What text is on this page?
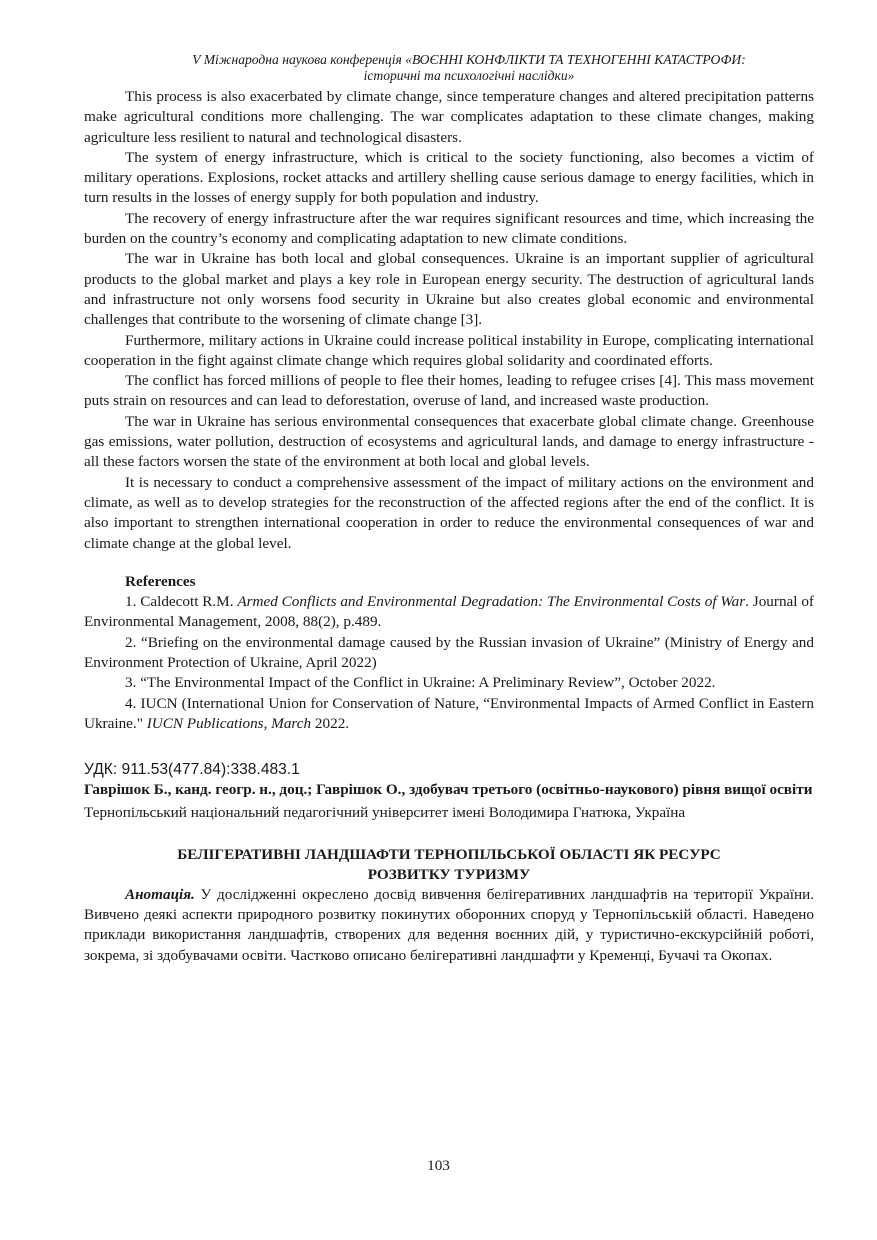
V Міжнародна наукова конференція «ВОЄННІ КОНФЛІКТИ ТА ТЕХНОГЕННІ КАТАСТРОФИ:
історичні та психологічні наслідки»

This process is also exacerbated by climate change, since temperature changes and altered precipitation patterns make agricultural conditions more challenging. The war complicates adaptation to these climate changes, making agriculture less resilient to natural and technological disasters.

The system of energy infrastructure, which is critical to the society functioning, also becomes a victim of military operations. Explosions, rocket attacks and artillery shelling cause serious damage to energy facilities, which in turn results in the losses of energy supply for both population and industry.

The recovery of energy infrastructure after the war requires significant resources and time, which increasing the burden on the country’s economy and complicating adaptation to new climate conditions.

The war in Ukraine has both local and global consequences. Ukraine is an important supplier of agricultural products to the global market and plays a key role in European energy security. The destruction of agricultural lands and infrastructure not only worsens food security in Ukraine but also creates global economic and environmental challenges that contribute to the worsening of climate change [3].

Furthermore, military actions in Ukraine could increase political instability in Europe, complicating international cooperation in the fight against climate change which requires global solidarity and coordinated efforts.

The conflict has forced millions of people to flee their homes, leading to refugee crises [4]. This mass movement puts strain on resources and can lead to deforestation, overuse of land, and increased waste production.

The war in Ukraine has serious environmental consequences that exacerbate global climate change. Greenhouse gas emissions, water pollution, destruction of ecosystems and agricultural lands, and damage to energy infrastructure - all these factors worsen the state of the environment at both local and global levels.

It is necessary to conduct a comprehensive assessment of the impact of military actions on the environment and climate, as well as to develop strategies for the reconstruction of the affected regions after the end of the conflict. It is also important to strengthen international cooperation in order to reduce the environmental consequences of war and climate change at the global level.

References

1. Caldecott R.M. Armed Conflicts and Environmental Degradation: The Environmental Costs of War. Journal of Environmental Management, 2008, 88(2), p.489.

2. “Briefing on the environmental damage caused by the Russian invasion of Ukraine” (Ministry of Energy and Environment Protection of Ukraine, April 2022)

3. “The Environmental Impact of the Conflict in Ukraine: A Preliminary Review”, October 2022.

4. IUCN (International Union for Conservation of Nature, “Environmental Impacts of Armed Conflict in Eastern Ukraine." IUCN Publications, March 2022.

УДК: 911.53(477.84):338.483.1
Гаврішок Б., канд. геогр. н., доц.; Гаврішок О., здобувач третього (освітньо-наукового) рівня вищої освіти
Тернопільський національний педагогічний університет імені Володимира Гнатюка, Україна
БЕЛІГЕРАТИВНІ ЛАНДШАФТИ ТЕРНОПІЛЬСЬКОЇ ОБЛАСТІ ЯК РЕСУРС
РОЗВИТКУ ТУРИЗМУ

Анотація. У дослідженні окреслено досвід вивчення белігеративних ландшафтів на території України. Вивчено деякі аспекти природного розвитку покинутих оборонних споруд у Тернопільській області. Наведено приклади використання ландшафтів, створених для ведення воєнних дій, у туристично-екскурсійній роботі, зокрема, зі здобувачами освіти. Частково описано белігеративні ландшафти у Кременці, Бучачі та Окопах.

103
